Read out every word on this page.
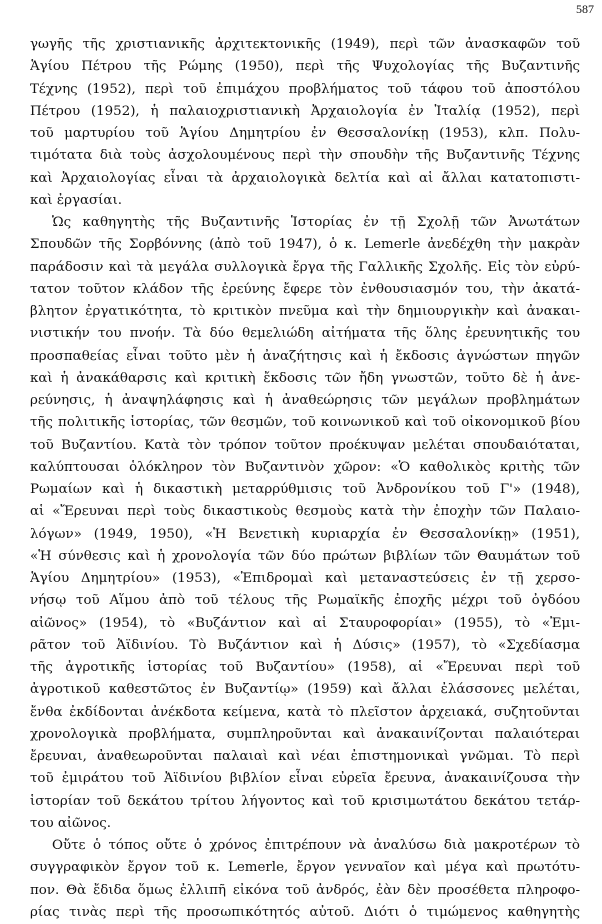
587
γωγῆς τῆς χριστιανικῆς ἀρχιτεκτονικῆς (1949), περὶ τῶν ἀνασκαφῶν τοῦ
Ἁγίου Πέτρου τῆς Ρώμης (1950), περὶ τῆς Ψυχολογίας τῆς Βυζαντινῆς
Τέχνης (1952), περὶ τοῦ ἐπιμάχου προβλήματος τοῦ τάφου τοῦ ἀποστόλου
Πέτρου (1952), ἡ παλαιοχριστιανικὴ Ἀρχαιολογία ἐν Ἰταλίᾳ (1952), περὶ
τοῦ μαρτυρίου τοῦ Ἁγίου Δημητρίου ἐν Θεσσαλονίκῃ (1953), κλπ. Πολυ-
τιμότατα διὰ τοὺς ἀσχολουμένους περὶ τὴν σπουδὴν τῆς Βυζαντινῆς Τέχνης
καὶ Ἀρχαιολογίας εἶναι τὰ ἀρχαιολογικὰ δελτία καὶ αἱ ἄλλαι κατατοπιστι-
καὶ ἐργασίαι.
Ὡς καθηγητὴς τῆς Βυζαντινῆς Ἱστορίας ἐν τῇ Σχολῇ τῶν Ἀνωτάτων
Σπουδῶν τῆς Σορβόννης (ἀπὸ τοῦ 1947), ὁ κ. Lemerle ἀνεδέχθη τὴν μακρὰν
παράδοσιν καὶ τὰ μεγάλα συλλογικὰ ἔργα τῆς Γαλλικῆς Σχολῆς. Εἰς τὸν εὐρύ-
τατον τοῦτον κλάδον τῆς ἐρεύνης ἔφερε τὸν ἐνθουσιασμόν του, τὴν ἀκατά-
βλητον ἐργατικότητα, τὸ κριτικὸν πνεῦμα καὶ τὴν δημιουργικὴν καὶ ἀνακαι-
νιστικήν του πνοήν. Τὰ δύο θεμελιώδη αἰτήματα τῆς ὅλης ἐρευνητικῆς του
προσπαθείας εἶναι τοῦτο μὲν ἡ ἀναζήτησις καὶ ἡ ἔκδοσις ἀγνώστων πηγῶν
καὶ ἡ ἀνακάθαρσις καὶ κριτικὴ ἔκδοσις τῶν ἤδη γνωστῶν, τοῦτο δὲ ἡ ἀνε-
ρεύνησις, ἡ ἀναψηλάφησις καὶ ἡ ἀναθεώρησις τῶν μεγάλων προβλημάτων
τῆς πολιτικῆς ἱστορίας, τῶν θεσμῶν, τοῦ κοινωνικοῦ καὶ τοῦ οἰκονομικοῦ βίου
τοῦ Βυζαντίου. Κατὰ τὸν τρόπον τοῦτον προέκυψαν μελέται σπουδαιόταται,
καλύπτουσαι ὁλόκληρον τὸν Βυζαντινὸν χῶρον: «Ὁ καθολικὸς κριτὴς τῶν
Ρωμαίων καὶ ἡ δικαστικὴ μεταρρύθμισις τοῦ Ἀνδρονίκου τοῦ Γ'» (1948),
αἱ «Ἔρευναι περὶ τοὺς δικαστικοὺς θεσμοὺς κατὰ τὴν ἐποχὴν τῶν Παλαιο-
λόγων» (1949, 1950), «Ἡ Βενετικὴ κυριαρχία ἐν Θεσσαλονίκῃ» (1951),
«Ἡ σύνθεσις καὶ ἡ χρονολογία τῶν δύο πρώτων βιβλίων τῶν Θαυμάτων τοῦ
Ἁγίου Δημητρίου» (1953), «Ἐπιδρομαὶ καὶ μεταναστεύσεις ἐν τῇ χερσο-
νήσῳ τοῦ Αἵμου ἀπὸ τοῦ τέλους τῆς Ρωμαϊκῆς ἐποχῆς μέχρι τοῦ ὀγδόου
αἰῶνος» (1954), τὸ «Βυζάντιον καὶ αἱ Σταυροφορίαι» (1955), τὸ «Ἐμι-
ρᾶτον τοῦ Ἀϊδινίου. Τὸ Βυζάντιον καὶ ἡ Δύσις» (1957), τὸ «Σχεδίασμα
τῆς ἀγροτικῆς ἱστορίας τοῦ Βυζαντίου» (1958), αἱ «Ἔρευναι περὶ τοῦ
ἀγροτικοῦ καθεστῶτος ἐν Βυζαντίῳ» (1959) καὶ ἄλλαι ἐλάσσονες μελέται,
ἔνθα ἐκδίδονται ἀνέκδοτα κείμενα, κατὰ τὸ πλεῖστον ἀρχειακά, συζητοῦνται
χρονολογικὰ προβλήματα, συμπληροῦνται καὶ ἀνακαινίζονται παλαιότεραι
ἔρευναι, ἀναθεωροῦνται παλαιαὶ καὶ νέαι ἐπιστημονικαὶ γνῶμαι. Τὸ περὶ
τοῦ ἐμιράτου τοῦ Ἀϊδινίου βιβλίον εἶναι εὐρεῖα ἔρευνα, ἀνακαινίζουσα τὴν
ἱστορίαν τοῦ δεκάτου τρίτου λήγοντος καὶ τοῦ κρισιμωτάτου δεκάτου τετάρ-
του αἰῶνος.
Οὔτε ὁ τόπος οὔτε ὁ χρόνος ἐπιτρέπουν νὰ ἀναλύσω διὰ μακροτέρων τὸ
συγγραφικὸν ἔργον τοῦ κ. Lemerle, ἔργον γενναῖον καὶ μέγα καὶ πρωτότυ-
πον. Θὰ ἔδιδα ὅμως ἐλλιπῆ εἰκόνα τοῦ ἀνδρός, ἐὰν δὲν προσέθετα πληροφο-
ρίας τινὰς περὶ τῆς προσωπικότητός αὐτοῦ. Διότι ὁ τιμώμενος καθηγητὴς
